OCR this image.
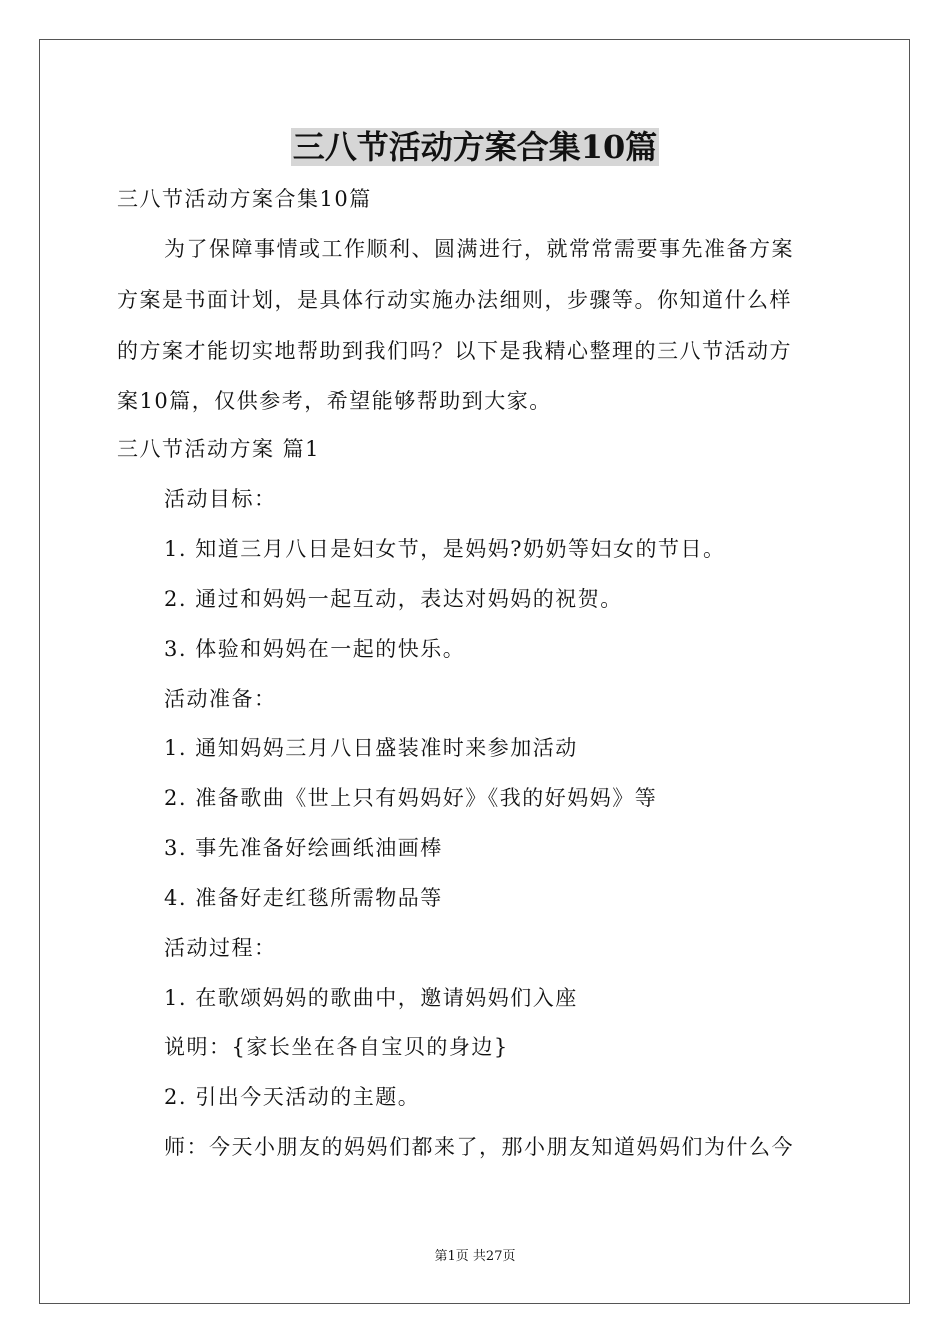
三八节活动方案合集10篇
三八节活动方案合集10篇
为了保障事情或工作顺利、圆满进行，就常常需要事先准备方案
方案是书面计划，是具体行动实施办法细则，步骤等。你知道什么样
的方案才能切实地帮助到我们吗？以下是我精心整理的三八节活动方
案10篇，仅供参考，希望能够帮助到大家。
三八节活动方案 篇1
活动目标：
1. 知道三月八日是妇女节，是妈妈?奶奶等妇女的节日。
2. 通过和妈妈一起互动，表达对妈妈的祝贺。
3. 体验和妈妈在一起的快乐。
活动准备：
1. 通知妈妈三月八日盛装准时来参加活动
2. 准备歌曲《世上只有妈妈好》《我的好妈妈》等
3. 事先准备好绘画纸油画棒
4. 准备好走红毯所需物品等
活动过程：
1. 在歌颂妈妈的歌曲中，邀请妈妈们入座
说明：{家长坐在各自宝贝的身边}
2. 引出今天活动的主题。
师：今天小朋友的妈妈们都来了，那小朋友知道妈妈们为什么今
第1页 共27页
